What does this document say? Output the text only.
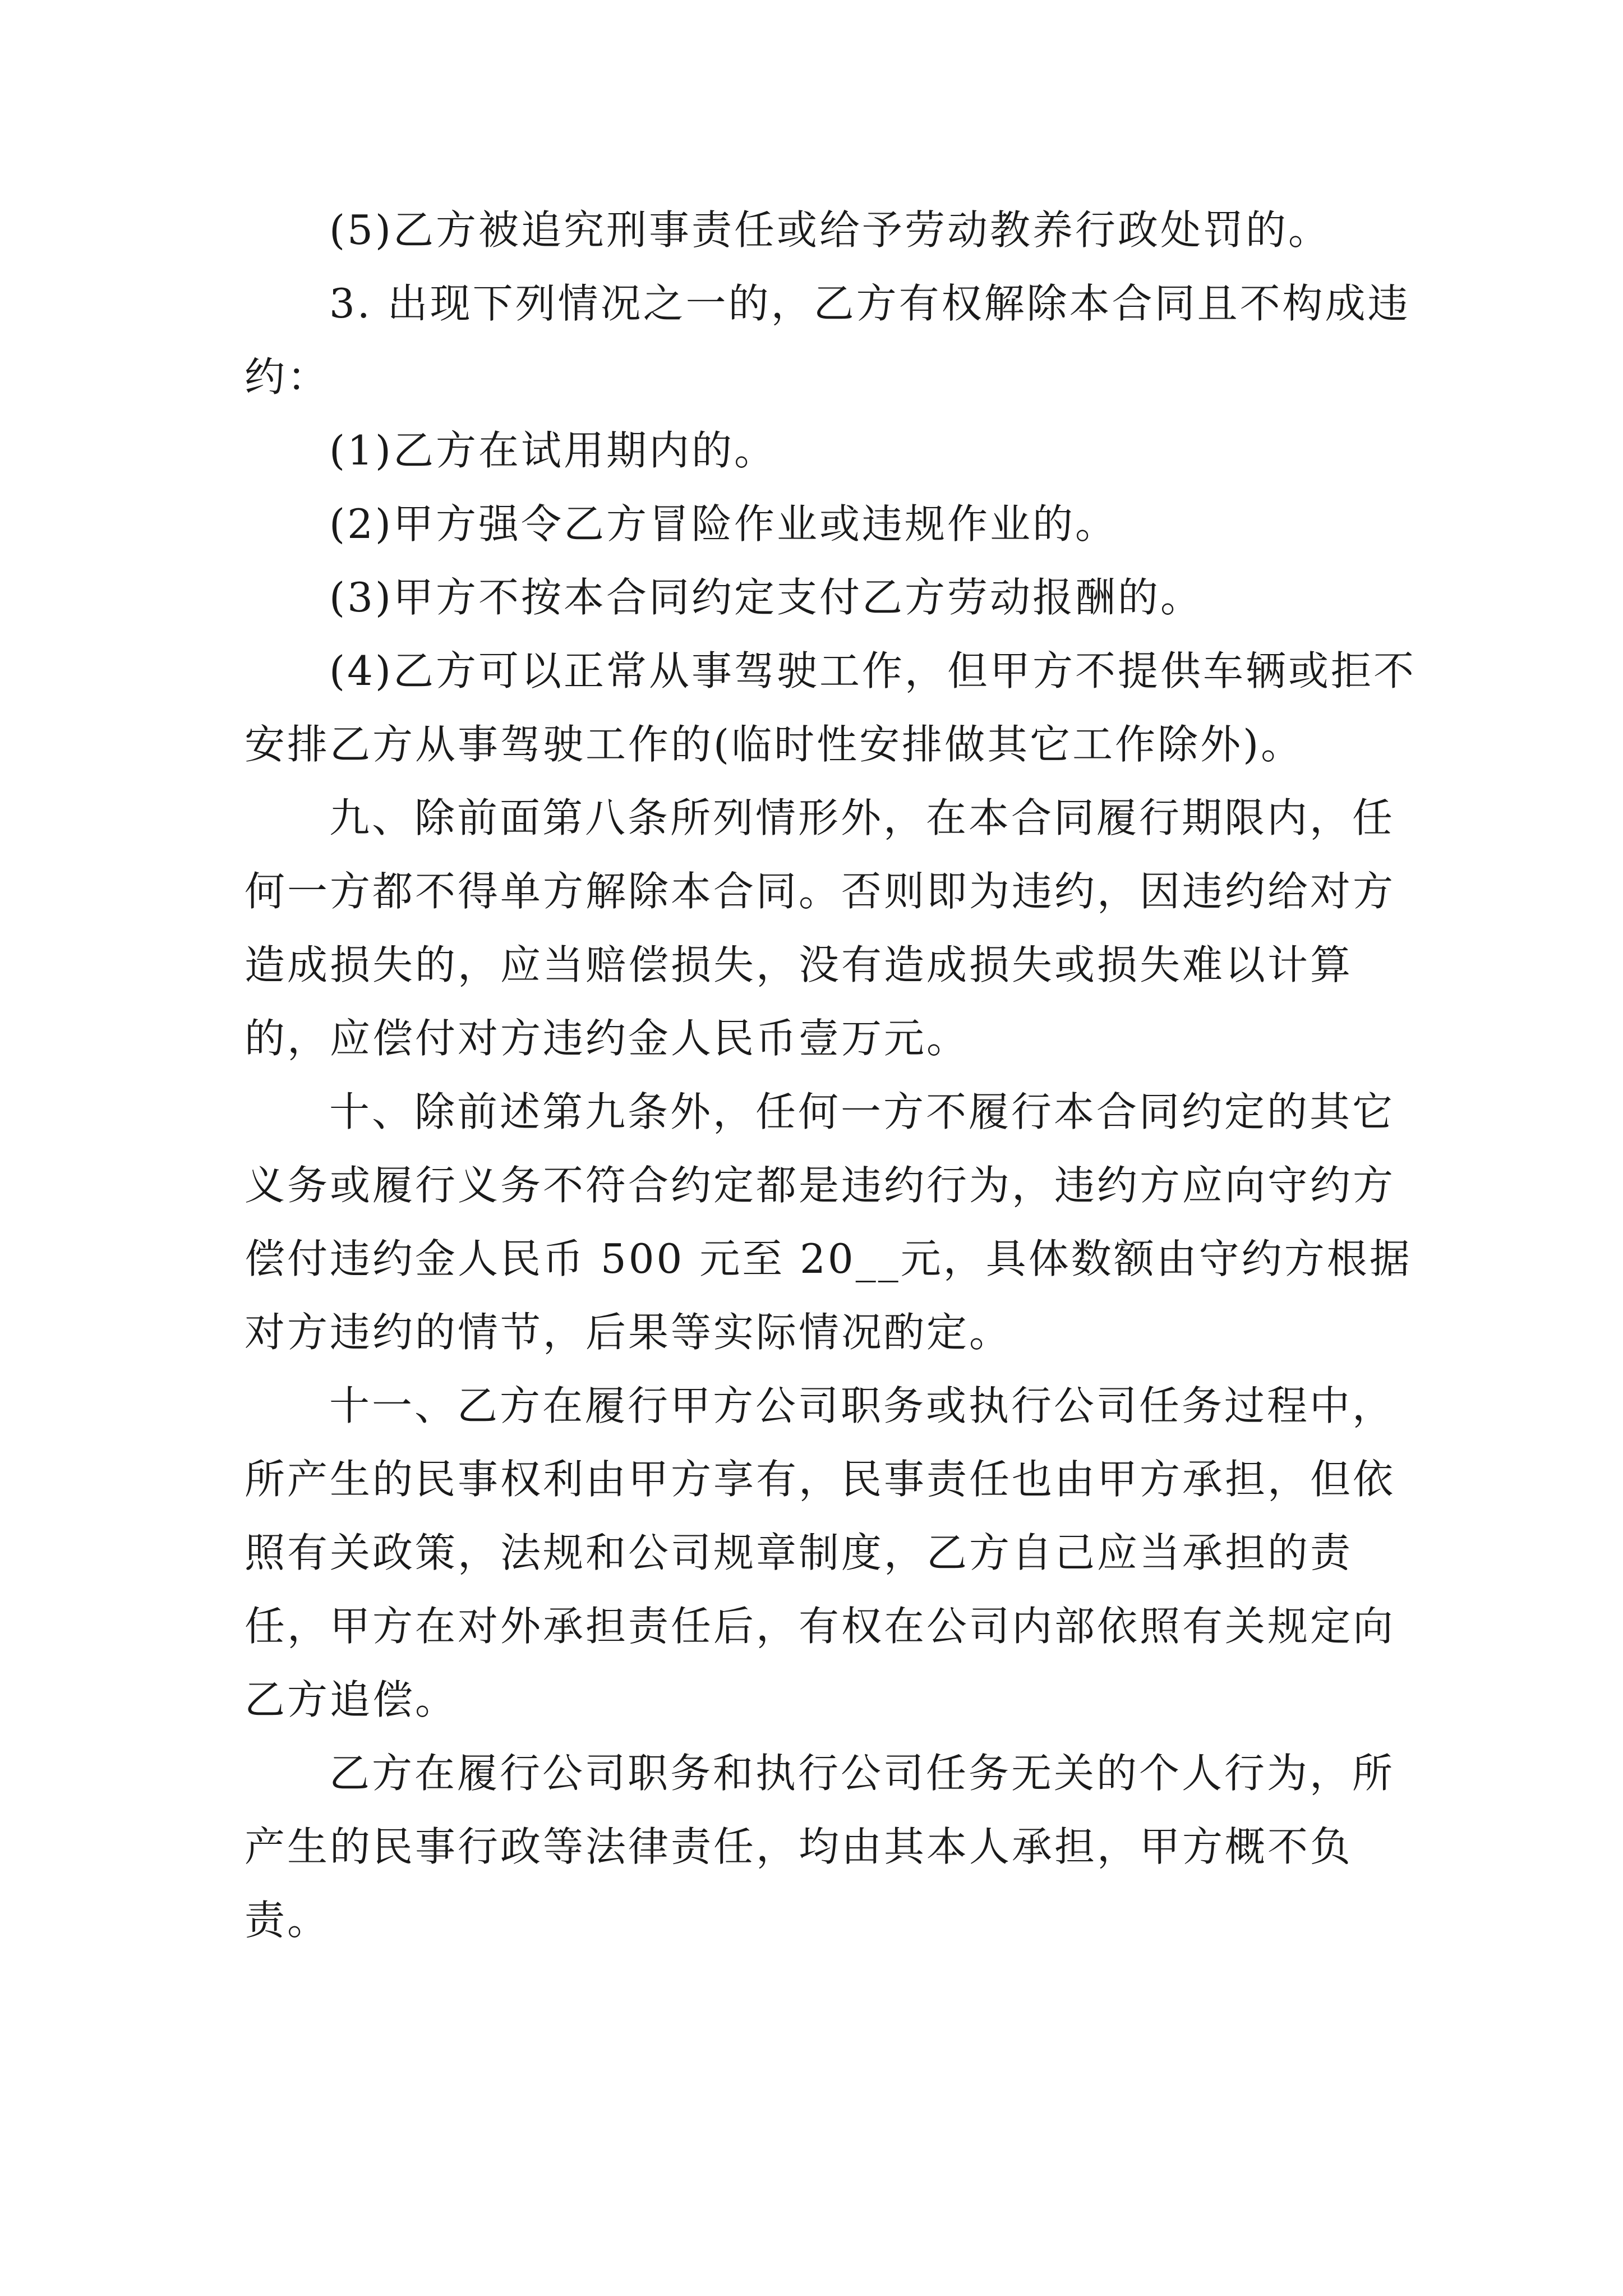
(5)乙方被追究刑事责任或给予劳动教养行政处罚的。

3. 出现下列情况之一的，乙方有权解除本合同且不构成违约：

(1)乙方在试用期内的。

(2)甲方强令乙方冒险作业或违规作业的。

(3)甲方不按本合同约定支付乙方劳动报酬的。

(4)乙方可以正常从事驾驶工作，但甲方不提供车辆或拒不安排乙方从事驾驶工作的(临时性安排做其它工作除外)。

九、除前面第八条所列情形外，在本合同履行期限内，任何一方都不得单方解除本合同。否则即为违约，因违约给对方造成损失的，应当赔偿损失，没有造成损失或损失难以计算的，应偿付对方违约金人民币壹万元。

十、除前述第九条外，任何一方不履行本合同约定的其它义务或履行义务不符合约定都是违约行为，违约方应向守约方偿付违约金人民币 500 元至 20__元，具体数额由守约方根据对方违约的情节，后果等实际情况酌定。

十一、乙方在履行甲方公司职务或执行公司任务过程中，所产生的民事权利由甲方享有，民事责任也由甲方承担，但依照有关政策，法规和公司规章制度，乙方自己应当承担的责任，甲方在对外承担责任后，有权在公司内部依照有关规定向乙方追偿。

乙方在履行公司职务和执行公司任务无关的个人行为，所产生的民事行政等法律责任，均由其本人承担，甲方概不负责。
